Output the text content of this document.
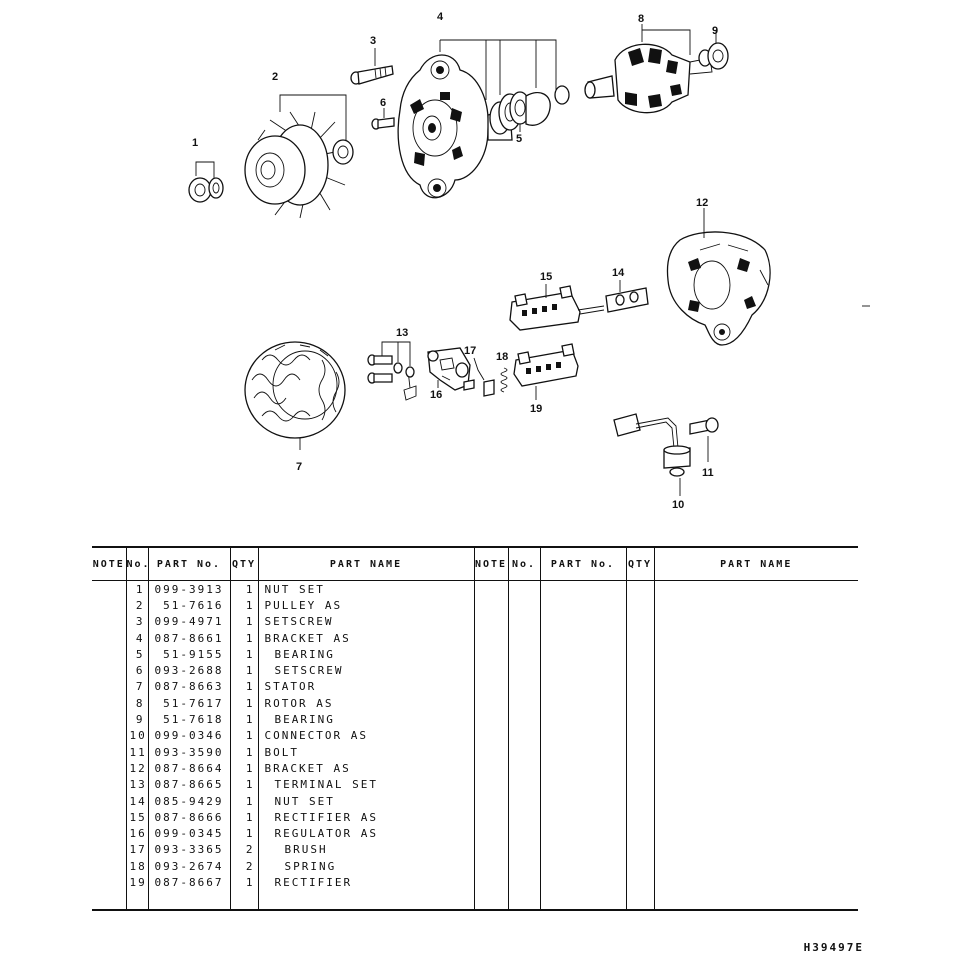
1
2
3
4
5
6
7
8
9
10
11
12
13
14
15
16
17 18
19
NOTE	No.	PART No.	QTY	PART NAME	NOTE	No.	PART No.	QTY	PART NAME
	1	099-3913	1	NUT SET					
	2	51-7616	1	PULLEY AS					
	3	099-4971	1	SETSCREW					
	4	087-8661	1	BRACKET AS					
	5	51-9155	1	BEARING					
	6	093-2688	1	SETSCREW					
	7	087-8663	1	STATOR					
	8	51-7617	1	ROTOR AS					
	9	51-7618	1	BEARING					
	10	099-0346	1	CONNECTOR AS					
	11	093-3590	1	BOLT					
	12	087-8664	1	BRACKET AS					
	13	087-8665	1	TERMINAL SET					
	14	085-9429	1	NUT SET					
	15	087-8666	1	RECTIFIER AS					
	16	099-0345	1	REGULATOR AS					
	17	093-3365	2	BRUSH					
	18	093-2674	2	SPRING					
	19	087-8667	1	RECTIFIER					
H39497E
